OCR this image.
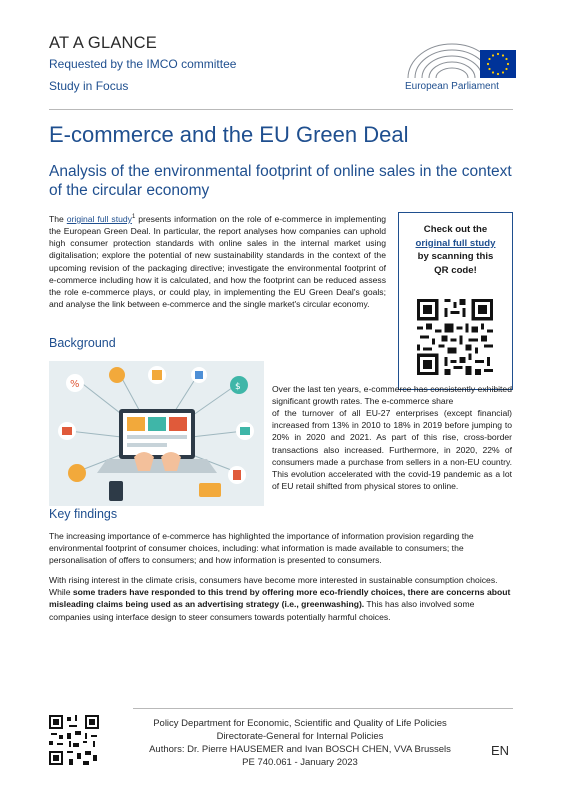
AT A GLANCE
Requested by the IMCO committee
Study in Focus	European Parliament
E-commerce and the EU Green Deal
Analysis of the environmental footprint of online sales in the context of the circular economy
The original full study$^1$ presents information on the role of e-commerce in implementing the European Green Deal. In particular, the report analyses how companies can uphold high consumer protection standards with online sales in the internal market using digitalisation; explore the potential of new sustainability standards in the context of the upcoming revision of the packaging directive; investigate the environmental footprint of e-commerce including how it is calculated, and how the footprint can be reduced assess the role e-commerce plays, or could play, in implementing the EU Green Deal's goals; and analyse the link between e-commerce and the single market's circular economy.
Check out the
original full study
by scanning this
QR code!
Background
%	$	Over the last ten years, e-commerce has consistently exhibited significant growth rates. The e-commerce share
of the turnover of all EU-27 enterprises (except financial) increased from 13% in 2010 to 18% in 2019 before jumping to 20% in 2020 and 2021. As part of this rise, cross-border transactions also increased. Furthermore, in 2020, 22% of consumers made a purchase from sellers in a non-EU country. This evolution accelerated with the covid-19 pandemic as a lot of EU retail shifted from physical stores to online.
Key findings
The increasing importance of e-commerce has highlighted the importance of information provision regarding the environmental footprint of consumer choices, including: what information is made available to consumers; the personalisation of offers to consumers; and how information is presented to consumers.
With rising interest in the climate crisis, consumers have become more interested in sustainable consumption choices. While some traders have responded to this trend by offering more eco-friendly choices, there are concerns about misleading claims being used as an advertising strategy (i.e., greenwashing). This has also involved some companies using interface design to steer consumers towards potentially harmful choices.
Policy Department for Economic, Scientific and Quality of Life Policies
Directorate-General for Internal Policies
Authors: Dr. Pierre HAUSEMER and Ivan BOSCH CHEN, VVA Brussels
PE 740.061 - January 2023
EN
